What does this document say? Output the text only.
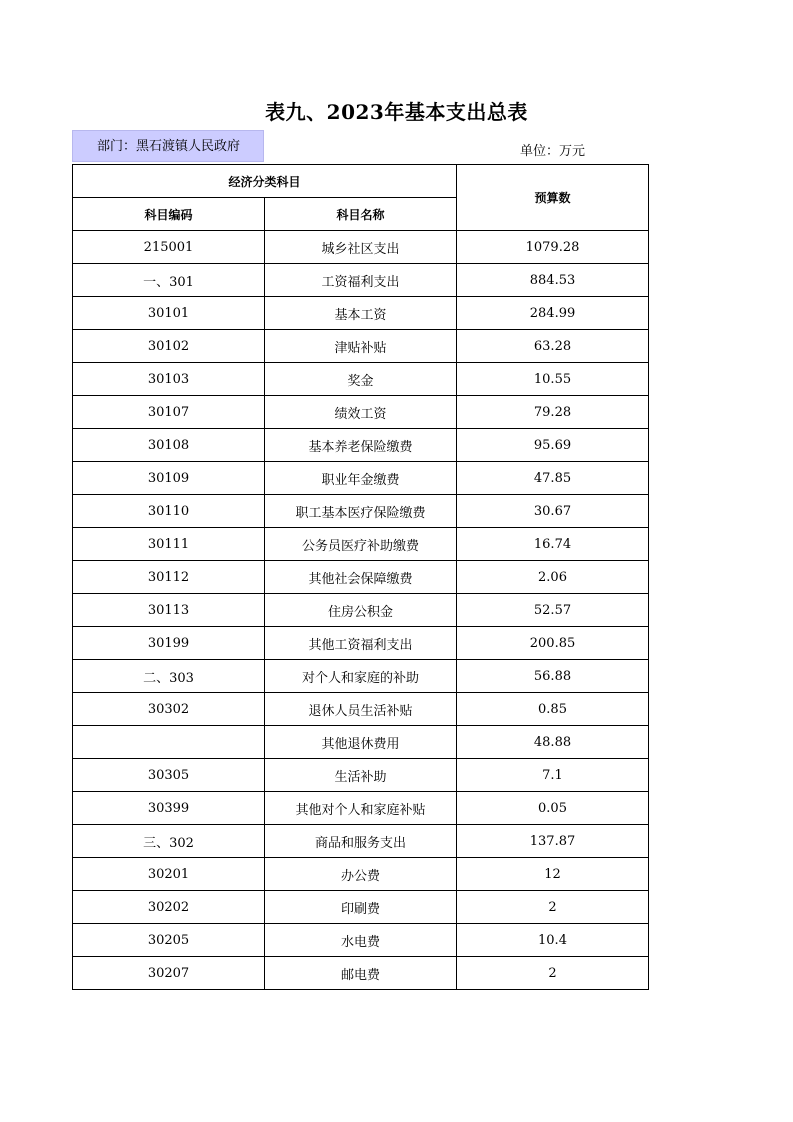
表九、2023年基本支出总表
部门：黑石渡镇人民政府	单位：万元
经济分类科目		预算数
科目编码	科目名称	
215001	城乡社区支出	1079.28
一、301	工资福利支出	884.53
30101	基本工资	284.99
30102	津贴补贴	63.28
30103	奖金	10.55
30107	绩效工资	79.28
30108	基本养老保险缴费	95.69
30109	职业年金缴费	47.85
30110	职工基本医疗保险缴费	30.67
30111	公务员医疗补助缴费	16.74
30112	其他社会保障缴费	2.06
30113	住房公积金	52.57
30199	其他工资福利支出	200.85
二、303	对个人和家庭的补助	56.88
30302	退休人员生活补贴	0.85
	其他退休费用	48.88
30305	生活补助	7.1
30399	其他对个人和家庭补贴	0.05
三、302	商品和服务支出	137.87
30201	办公费	12
30202	印刷费	2
30205	水电费	10.4
30207	邮电费	2
